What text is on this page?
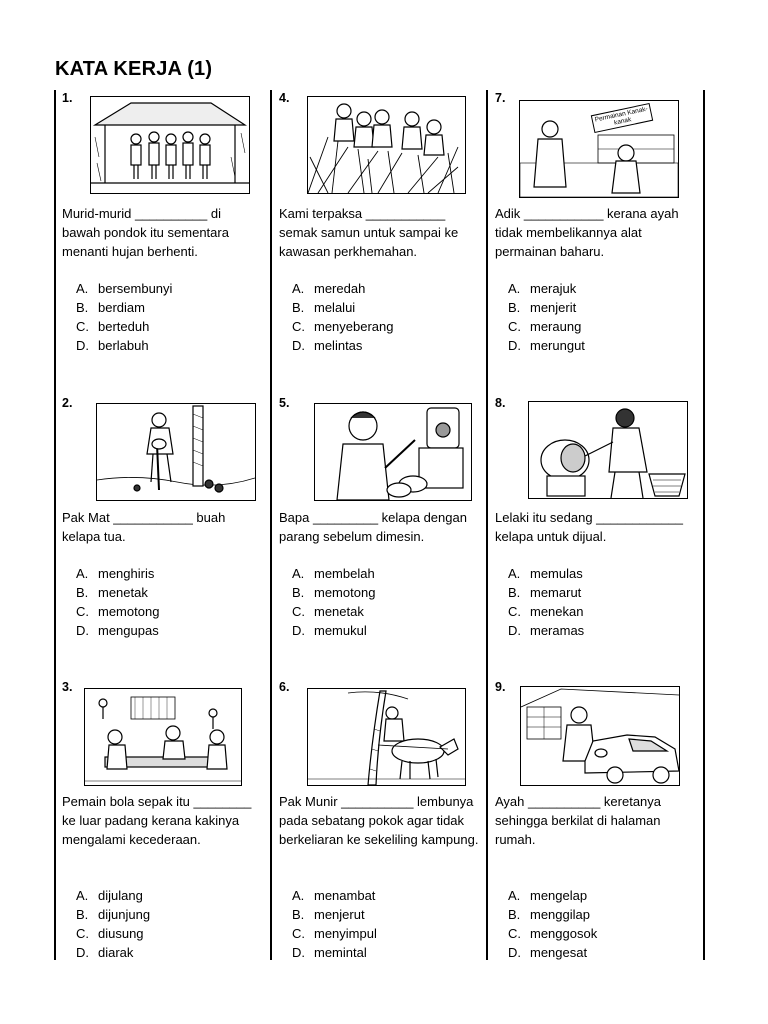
KATA KERJA (1)
1.
Murid-murid __________ di bawah pondok itu sementara menanti hujan berhenti.
A. bersembunyi
B. berdiam
C. berteduh
D. berlabuh
2.
Pak Mat ___________ buah kelapa tua.
A. menghiris
B. menetak
C. memotong
D. mengupas
3.
Pemain bola sepak itu ________ ke luar padang kerana kakinya mengalami kecederaan.
A. dijulang
B. dijunjung
C. diusung
D. diarak
4.
Kami terpaksa ___________ semak samun untuk sampai ke kawasan perkhemahan.
A. meredah
B. melalui
C. menyeberang
D. melintas
5.
Bapa _________ kelapa dengan parang sebelum dimesin.
A. membelah
B. memotong
C. menetak
D. memukul
6.
Pak Munir __________ lembunya pada sebatang pokok agar tidak berkeliaran ke sekeliling kampung.
A. menambat
B. menjerut
C. menyimpul
D. memintal
7.
Permainan Kanak-kanak
Adik ___________ kerana ayah tidak membelikannya alat permainan baharu.
A. merajuk
B. menjerit
C. meraung
D. merungut
8.
Lelaki itu sedang ____________ kelapa untuk dijual.
A. memulas
B. memarut
C. menekan
D. meramas
9.
Ayah __________ keretanya sehingga berkilat di halaman rumah.
A. mengelap
B. menggilap
C. menggosok
D. mengesat
